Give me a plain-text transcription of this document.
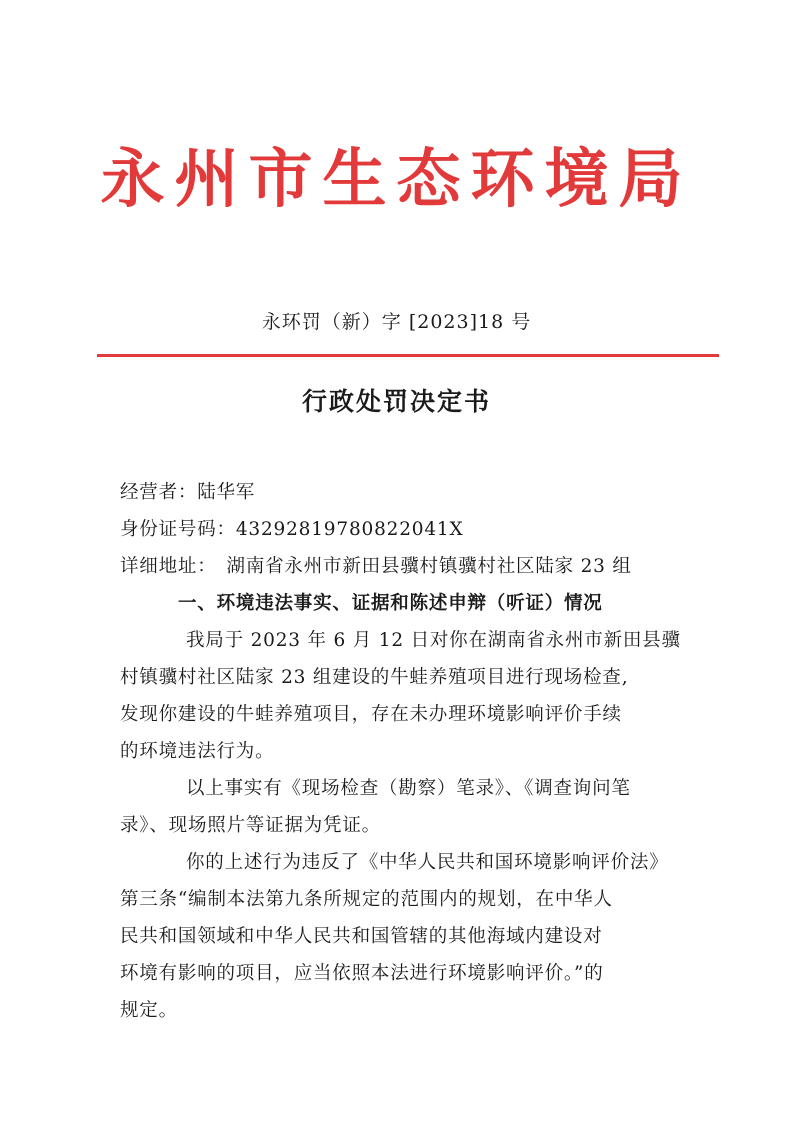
永州市生态环境局
永环罚（新）字 [2023]18 号
行政处罚决定书
经营者：陆华军
身份证号码：43292819780822041X
详细地址： 湖南省永州市新田县骥村镇骥村社区陆家 23 组
一、环境违法事实、证据和陈述申辩（听证）情况
我局于 2023 年 6 月 12 日对你在湖南省永州市新田县骥
村镇骥村社区陆家 23 组建设的牛蛙养殖项目进行现场检查,
发现你建设的牛蛙养殖项目，存在未办理环境影响评价手续
的环境违法行为。
以上事实有《现场检查（勘察）笔录》、《调查询问笔
录》、现场照片等证据为凭证。
你的上述行为违反了《中华人民共和国环境影响评价法》
第三条“编制本法第九条所规定的范围内的规划，在中华人
民共和国领域和中华人民共和国管辖的其他海域内建设对
环境有影响的项目，应当依照本法进行环境影响评价。”的
规定。
